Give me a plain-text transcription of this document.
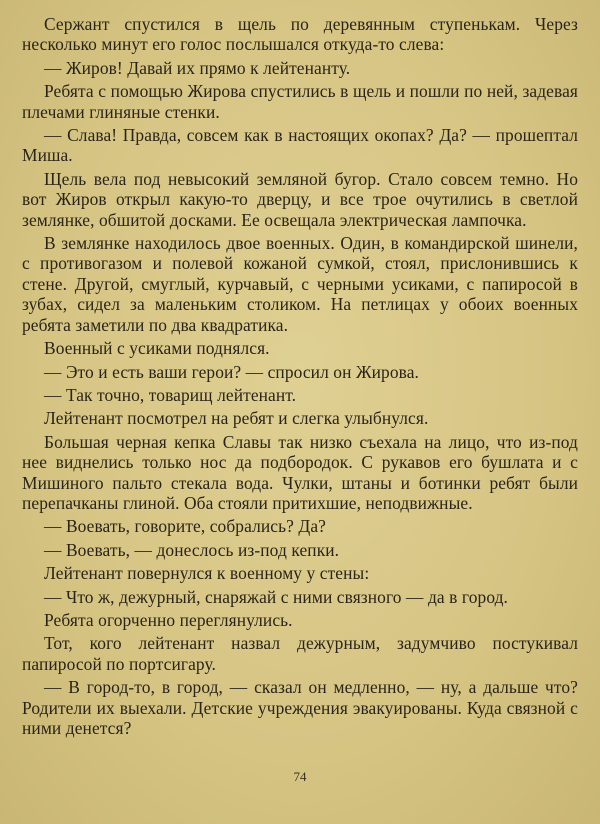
Сержант спустился в щель по деревянным ступенькам. Через несколько минут его голос послышался откуда-то слева:

— Жиров! Давай их прямо к лейтенанту.

Ребята с помощью Жирова спустились в щель и пошли по ней, задевая плечами глиняные стенки.

— Слава! Правда, совсем как в настоящих окопах? Да? — прошептал Миша.

Щель вела под невысокий земляной бугор. Стало совсем темно. Но вот Жиров открыл какую-то дверцу, и все трое очутились в светлой землянке, обшитой досками. Ее освещала электрическая лампочка.

В землянке находилось двое военных. Один, в командирской шинели, с противогазом и полевой кожаной сумкой, стоял, прислонившись к стене. Другой, смуглый, курчавый, с черными усиками, с папиросой в зубах, сидел за маленьким столиком. На петлицах у обоих военных ребята заметили по два квадратика.

Военный с усиками поднялся.

— Это и есть ваши герои? — спросил он Жирова.

— Так точно, товарищ лейтенант.

Лейтенант посмотрел на ребят и слегка улыбнулся.

Большая черная кепка Славы так низко съехала на лицо, что из-под нее виднелись только нос да подбородок. С рукавов его бушлата и с Мишиного пальто стекала вода. Чулки, штаны и ботинки ребят были перепачканы глиной. Оба стояли притихшие, неподвижные.

— Воевать, говорите, собрались? Да?

— Воевать, — донеслось из-под кепки.

Лейтенант повернулся к военному у стены:

— Что ж, дежурный, снаряжай с ними связного — да в город.

Ребята огорченно переглянулись.

Тот, кого лейтенант назвал дежурным, задумчиво постукивал папиросой по портсигару.

— В город-то, в город, — сказал он медленно, — ну, а дальше что? Родители их выехали. Детские учреждения эвакуированы. Куда связной с ними денется?

74
